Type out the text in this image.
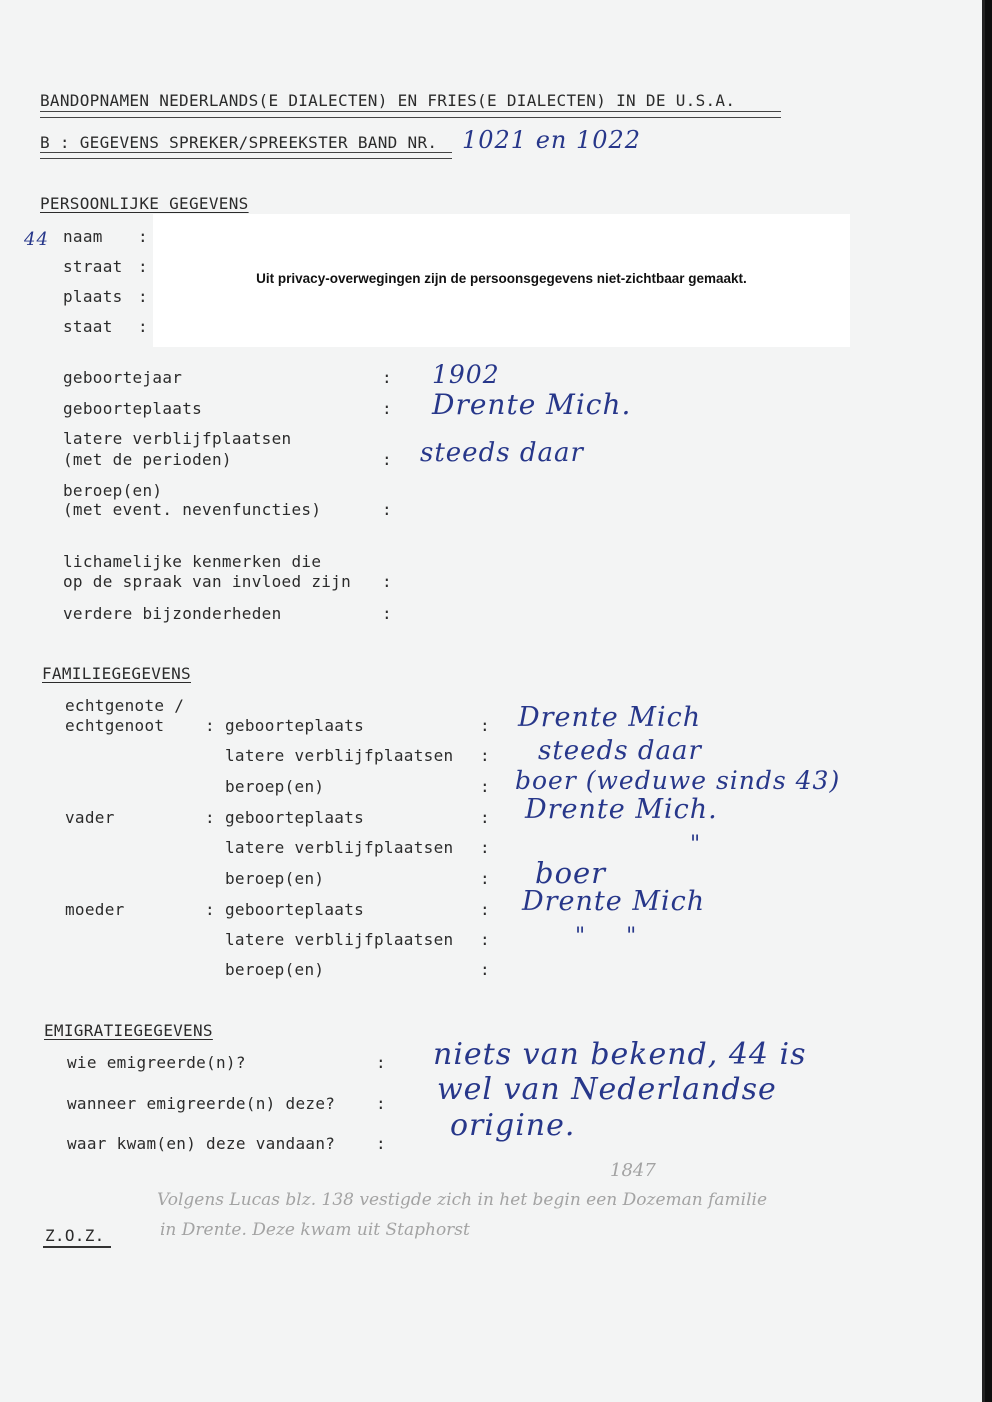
BANDOPNAMEN NEDERLANDS(E DIALECTEN) EN FRIES(E DIALECTEN) IN DE U.S.A.
B : GEGEVENS SPREKER/SPREEKSTER BAND NR. 1021 en 1022
PERSOONLIJKE GEGEVENS
44 naam :
straat :
plaats :
staat :
Uit privacy-overwegingen zijn de persoonsgegevens niet-zichtbaar gemaakt.
geboortejaar	: 1902
geboorteplaats	: Drente Mich.
latere verblijfplaatsen
(met de perioden)	: steeds daar
beroep(en)
(met event. nevenfuncties)	:
lichamelijke kenmerken die
op de spraak van invloed zijn :
verdere bijzonderheden	:
FAMILIEGEGEVENS
echtgenote /
echtgenoot	: geboorteplaats	: Drente Mich
latere verblijfplaatsen : steeds daar
beroep(en)	: boer (weduwe sinds 43)
vader	: geboorteplaats	: Drente Mich.
latere verblijfplaatsen :	"
beroep(en)	: boer
moeder	: geboorteplaats	: Drente Mich
latere verblijfplaatsen :	"     "
beroep(en)	:
EMIGRATIEGEGEVENS
wie emigreerde(n)?	:
wanneer emigreerde(n) deze?	:
waar kwam(en) deze vandaan?	:
niets van bekend, 44 is
wel van Nederlandse
origine.
Z.O.Z.
1847
Volgens Lucas blz. 138 vestigde zich in het begin een Dozeman familie
in Drente. Deze kwam uit Staphorst
